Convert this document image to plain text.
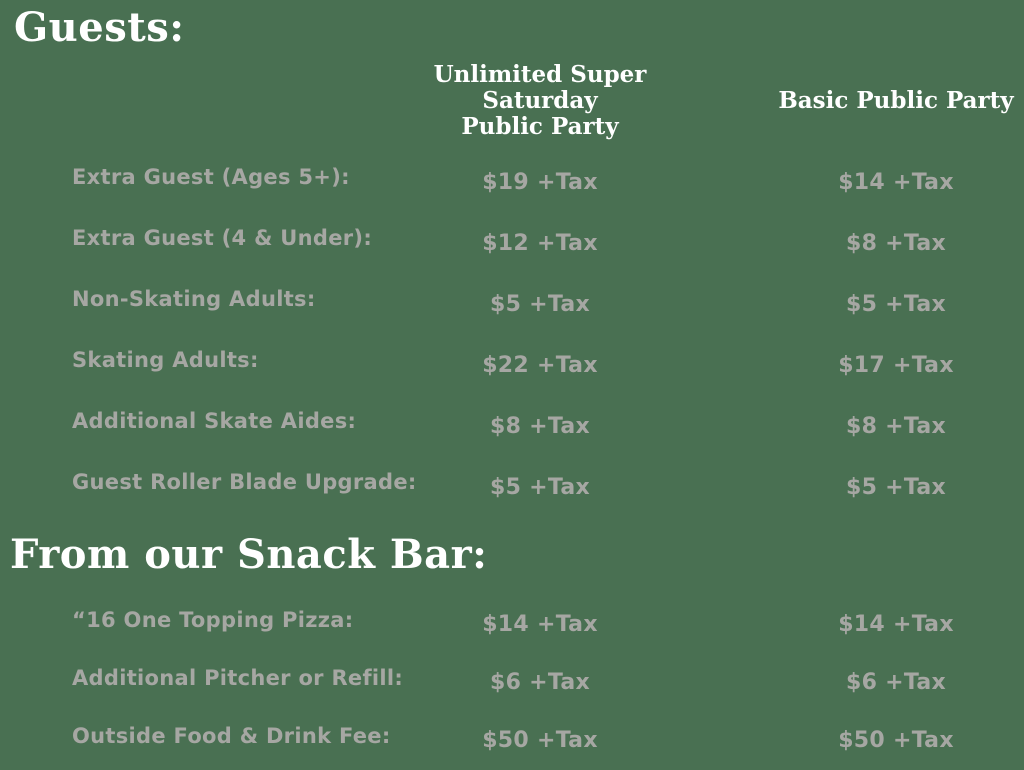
Guests:
Unlimited Super Saturday
Public Party
Basic Public Party
Extra Guest (Ages 5+):	$19 +Tax	$14 +Tax
Extra Guest (4 & Under):	$12 +Tax	$8 +Tax
Non-Skating Adults:	$5 +Tax	$5 +Tax
Skating Adults:	$22 +Tax	$17 +Tax
Additional Skate Aides:	$8 +Tax	$8 +Tax
Guest Roller Blade Upgrade:	$5 +Tax	$5 +Tax
From our Snack Bar:
“16 One Topping Pizza:	$14 +Tax	$14 +Tax
Additional Pitcher or Refill:	$6 +Tax	$6 +Tax
Outside Food & Drink Fee:	$50 +Tax	$50 +Tax
